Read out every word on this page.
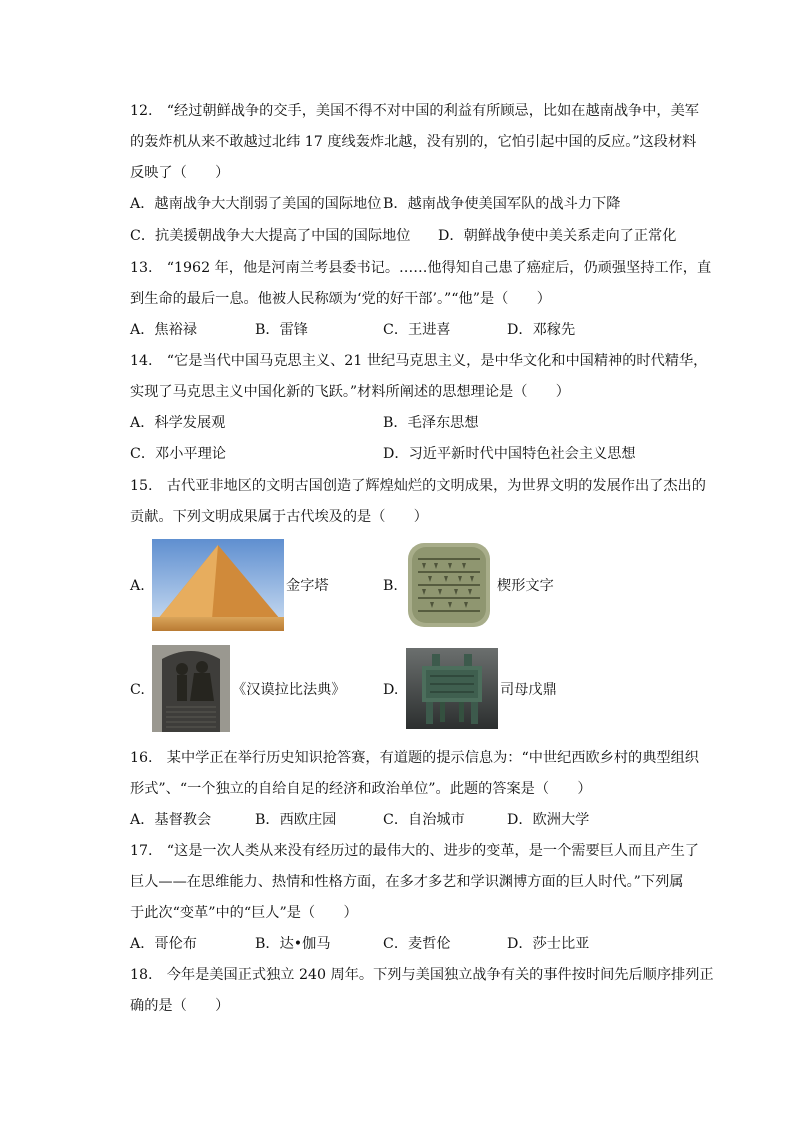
12.　“经过朝鲜战争的交手，美国不得不对中国的利益有所顾忌，比如在越南战争中，美军
的轰炸机从来不敢越过北纬 17 度线轰炸北越，没有别的，它怕引起中国的反应。”这段材料
反映了（　　）
A．越南战争大大削弱了美国的国际地位 B．越南战争使美国军队的战斗力下降
C．抗美援朝战争大大提高了中国的国际地位 D．朝鲜战争使中美关系走向了正常化
13.　“1962 年，他是河南兰考县委书记。……他得知自己患了癌症后，仍顽强坚持工作，直
到生命的最后一息。他被人民称颂为‘党的好干部’。”“他”是（　　）
A．焦裕禄	B．雷锋	C．王进喜	D．邓稼先
14.　“它是当代中国马克思主义、21 世纪马克思主义，是中华文化和中国精神的时代精华，
实现了马克思主义中国化新的飞跃。”材料所阐述的思想理论是（　　）
A．科学发展观	B．毛泽东思想
C．邓小平理论	D．习近平新时代中国特色社会主义思想
15.　古代亚非地区的文明古国创造了辉煌灿烂的文明成果，为世界文明的发展作出了杰出的
贡献。下列文明成果属于古代埃及的是（　　）
A.	金字塔	B.	楔形文字
C.	《汉谟拉比法典》	D.	司母戊鼎
16.　某中学正在举行历史知识抢答赛，有道题的提示信息为：“中世纪西欧乡村的典型组织
形式”、“一个独立的自给自足的经济和政治单位”。此题的答案是（　　）
A．基督教会	B．西欧庄园	C．自治城市	D．欧洲大学
17.　“这是一次人类从来没有经历过的最伟大的、进步的变革，是一个需要巨人而且产生了
巨人——在思维能力、热情和性格方面，在多才多艺和学识渊博方面的巨人时代。”下列属
于此次“变革”中的“巨人”是（　　）
A．哥伦布	B．达•伽马	C．麦哲伦	D．莎士比亚
18.　今年是美国正式独立 240 周年。下列与美国独立战争有关的事件按时间先后顺序排列正
确的是（　　）
